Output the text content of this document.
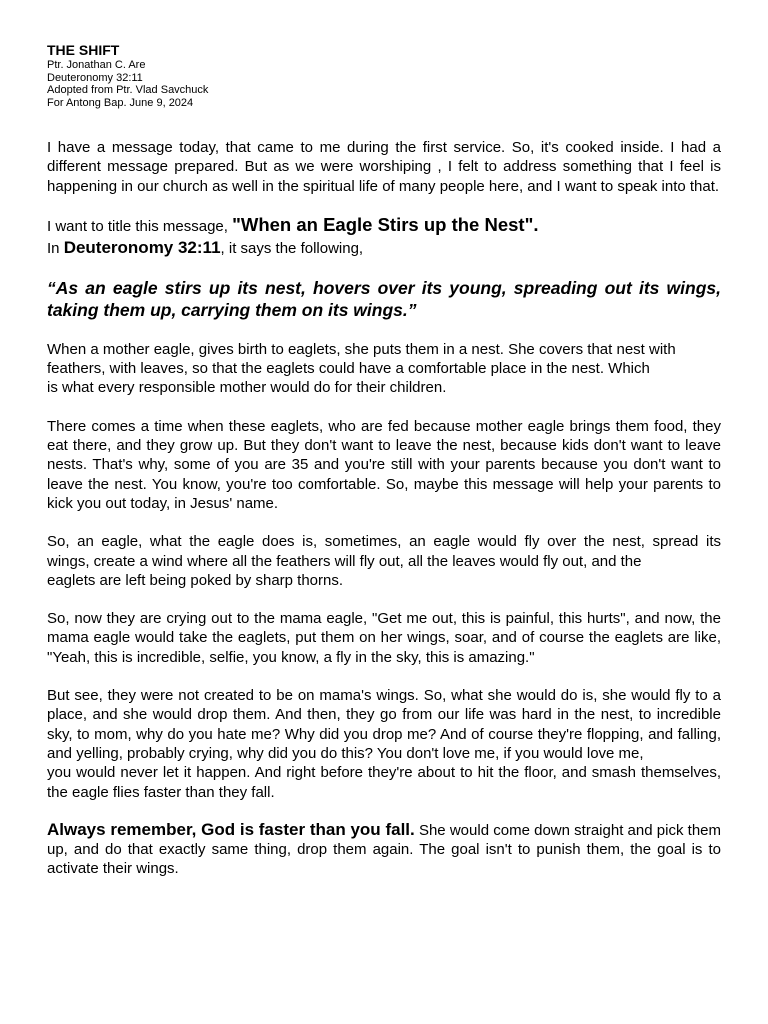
THE SHIFT

Ptr. Jonathan C. Are

Deuteronomy 32:11

Adopted from Ptr. Vlad Savchuck

For Antong Bap. June 9, 2024

I have a message today, that came to me during the first service. So, it's cooked inside. I had a different message prepared. But as we were worshiping , I felt to address something that I feel is happening in our church as well in the spiritual life of many people here, and I want to speak into that.

I want to title this message, "When an Eagle Stirs up the Nest".

In Deuteronomy 32:11, it says the following,

“As an eagle stirs up its nest, hovers over its young, spreading out its wings, taking them up, carrying them on its wings.”

When a mother eagle, gives birth to eaglets, she puts them in a nest. She covers that nest with

feathers, with leaves, so that the eaglets could have a comfortable place in the nest. Which

is what every responsible mother would do for their children.

There comes a time when these eaglets, who are fed because mother eagle brings them food, they eat there, and they grow up. But they don't want to leave the nest, because kids don't want to leave nests. That's why, some of you are 35 and you're still with your parents because you don't want to leave the nest. You know, you're too comfortable. So, maybe this message will help your parents to kick you out today, in Jesus' name.

So, an eagle, what the eagle does is, sometimes, an eagle would fly over the nest, spread its

wings, create a wind where all the feathers will fly out, all the leaves would fly out, and the

eaglets are left being poked by sharp thorns.

So, now they are crying out to the mama eagle, "Get me out, this is painful, this hurts", and now, the mama eagle would take the eaglets, put them on her wings, soar, and of course the eaglets are like, "Yeah, this is incredible, selfie, you know, a fly in the sky, this is amazing."

But see, they were not created to be on mama's wings. So, what she would do is, she would fly to a place, and she would drop them. And then, they go from our life was hard in the nest, to incredible sky, to mom, why do you hate me? Why did you drop me? And of course they're flopping, and falling, and yelling, probably crying, why did you do this? You don't love me, if you would love me,

you would never let it happen. And right before they're about to hit the floor, and smash themselves, the eagle flies faster than they fall.

Always remember, God is faster than you fall. She would come down straight and pick them up, and do that exactly same thing, drop them again. The goal isn't to punish them, the goal is to activate their wings.
